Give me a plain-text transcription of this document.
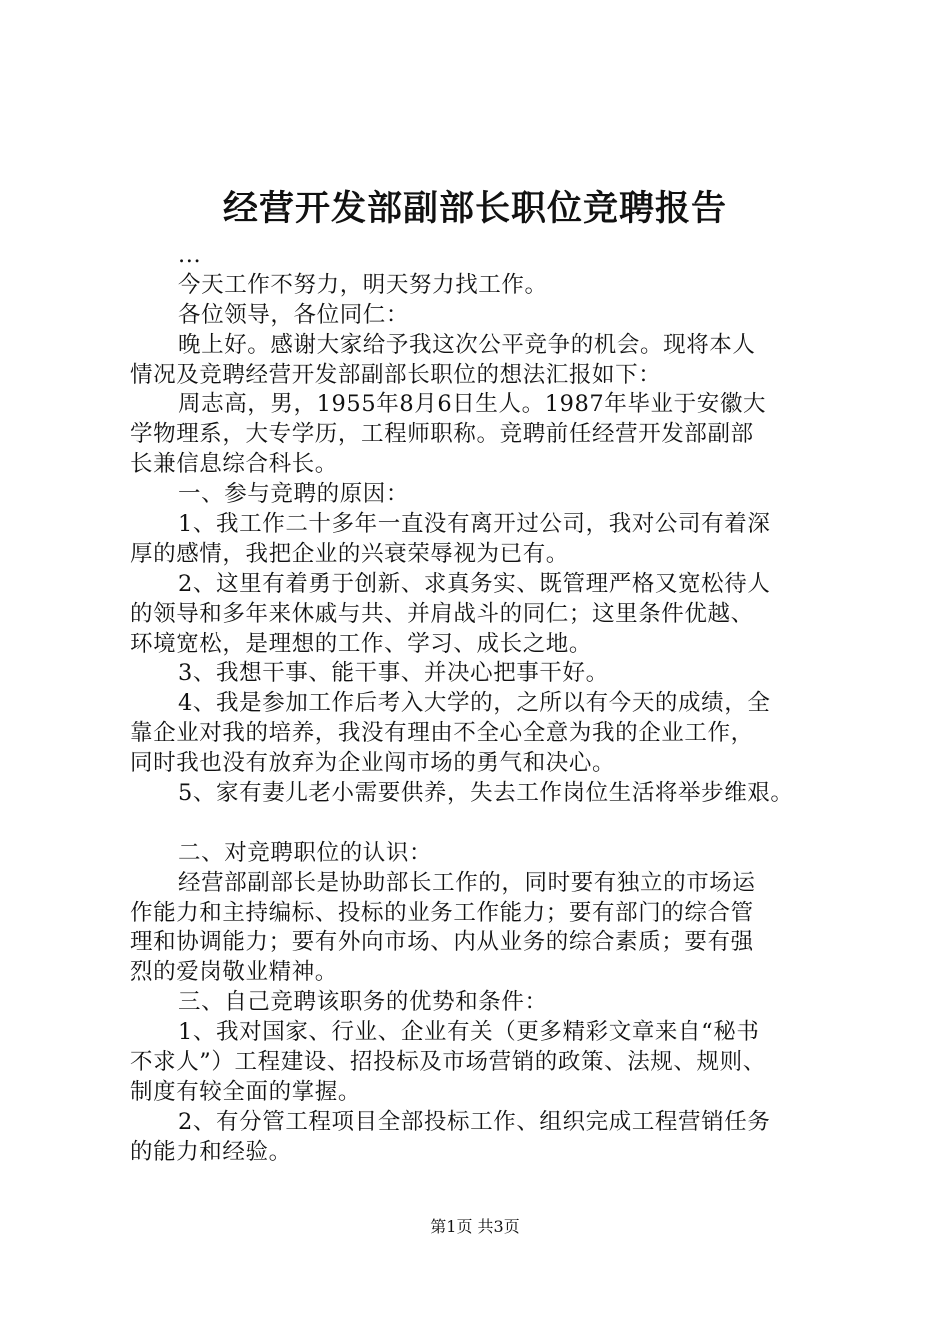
经营开发部副部长职位竞聘报告
...
今天工作不努力，明天努力找工作。
各位领导，各位同仁：
晚上好。感谢大家给予我这次公平竞争的机会。现将本人
情况及竞聘经营开发部副部长职位的想法汇报如下：
周志高，男，1955年8月6日生人。1987年毕业于安徽大
学物理系，大专学历，工程师职称。竞聘前任经营开发部副部
长兼信息综合科长。
一、参与竞聘的原因：
1、我工作二十多年一直没有离开过公司，我对公司有着深
厚的感情，我把企业的兴衰荣辱视为已有。
2、这里有着勇于创新、求真务实、既管理严格又宽松待人
的领导和多年来休戚与共、并肩战斗的同仁；这里条件优越、
环境宽松，是理想的工作、学习、成长之地。
3、我想干事、能干事、并决心把事干好。
4、我是参加工作后考入大学的，之所以有今天的成绩，全
靠企业对我的培养，我没有理由不全心全意为我的企业工作，
同时我也没有放弃为企业闯市场的勇气和决心。
5、家有妻儿老小需要供养，失去工作岗位生活将举步维艰。
二、对竞聘职位的认识：
经营部副部长是协助部长工作的，同时要有独立的市场运
作能力和主持编标、投标的业务工作能力；要有部门的综合管
理和协调能力；要有外向市场、内从业务的综合素质；要有强
烈的爱岗敬业精神。
三、自己竞聘该职务的优势和条件：
1、我对国家、行业、企业有关（更多精彩文章来自“秘书
不求人”）工程建设、招投标及市场营销的政策、法规、规则、
制度有较全面的掌握。
2、有分管工程项目全部投标工作、组织完成工程营销任务
的能力和经验。
第1页 共3页
